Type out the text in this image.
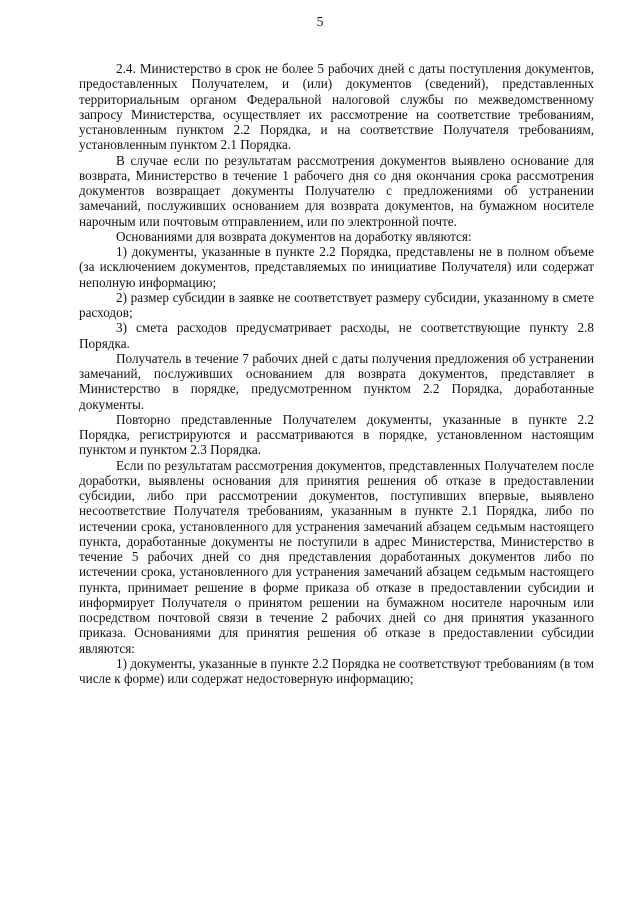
5

2.4. Министерство в срок не более 5 рабочих дней с даты поступления документов, предоставленных Получателем, и (или) документов (сведений), представленных территориальным органом Федеральной налоговой службы по межведомственному запросу Министерства, осуществляет их рассмотрение на соответствие требованиям, установленным пунктом 2.2 Порядка, и на соответствие Получателя требованиям, установленным пунктом 2.1 Порядка.

В случае если по результатам рассмотрения документов выявлено основание для возврата, Министерство в течение 1 рабочего дня со дня окончания срока рассмотрения документов возвращает документы Получателю с предложениями об устранении замечаний, послуживших основанием для возврата документов, на бумажном носителе нарочным или почтовым отправлением, или по электронной почте.

Основаниями для возврата документов на доработку являются:

1) документы, указанные в пункте 2.2 Порядка, представлены не в полном объеме (за исключением документов, представляемых по инициативе Получателя) или содержат неполную информацию;

2) размер субсидии в заявке не соответствует размеру субсидии, указанному в смете расходов;

3) смета расходов предусматривает расходы, не соответствующие пункту 2.8 Порядка.

Получатель в течение 7 рабочих дней с даты получения предложения об устранении замечаний, послуживших основанием для возврата документов, представляет в Министерство в порядке, предусмотренном пунктом 2.2 Порядка, доработанные документы.

Повторно представленные Получателем документы, указанные в пункте 2.2 Порядка, регистрируются и рассматриваются в порядке, установленном настоящим пунктом и пунктом 2.3 Порядка.

Если по результатам рассмотрения документов, представленных Получателем после доработки, выявлены основания для принятия решения об отказе в предоставлении субсидии, либо при рассмотрении документов, поступивших впервые, выявлено несоответствие Получателя требованиям, указанным в пункте 2.1 Порядка, либо по истечении срока, установленного для устранения замечаний абзацем седьмым настоящего пункта, доработанные документы не поступили в адрес Министерства, Министерство в течение 5 рабочих дней со дня представления доработанных документов либо по истечении срока, установленного для устранения замечаний абзацем седьмым настоящего пункта, принимает решение в форме приказа об отказе в предоставлении субсидии и информирует Получателя о принятом решении на бумажном носителе нарочным или посредством почтовой связи в течение 2 рабочих дней со дня принятия указанного приказа. Основаниями для принятия решения об отказе в предоставлении субсидии являются:

1) документы, указанные в пункте 2.2 Порядка не соответствуют требованиям (в том числе к форме) или содержат недостоверную информацию;
